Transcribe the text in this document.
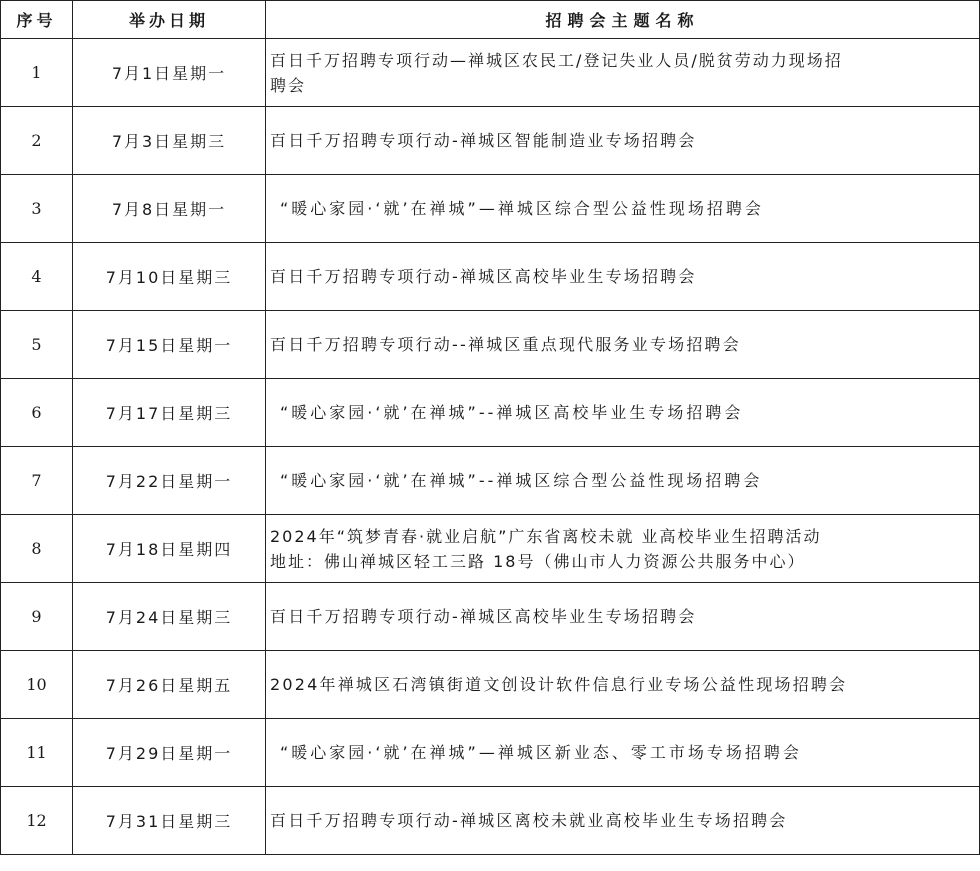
序号	举办日期	招聘会主题名称
1	7月1日星期一	百日千万招聘专项行动—禅城区农民工/登记失业人员/脱贫劳动力现场招
聘会

2	7月3日星期三	百日千万招聘专项行动-禅城区智能制造业专场招聘会

3	7月8日星期一	“暖心家园·‘就’在禅城”—禅城区综合型公益性现场招聘会

4	7月10日星期三	百日千万招聘专项行动-禅城区高校毕业生专场招聘会

5	7月15日星期一	百日千万招聘专项行动--禅城区重点现代服务业专场招聘会

6	7月17日星期三	“暖心家园·‘就’在禅城”--禅城区高校毕业生专场招聘会

7	7月22日星期一	“暖心家园·‘就’在禅城”--禅城区综合型公益性现场招聘会

8	7月18日星期四	2024年“筑梦青春·就业启航”广东省离校未就 业高校毕业生招聘活动
地址：佛山禅城区轻工三路 18号（佛山市人力资源公共服务中心）

9	7月24日星期三	百日千万招聘专项行动-禅城区高校毕业生专场招聘会

10	7月26日星期五	2024年禅城区石湾镇街道文创设计软件信息行业专场公益性现场招聘会

11	7月29日星期一	“暖心家园·‘就’在禅城”—禅城区新业态、零工市场专场招聘会

12	7月31日星期三	百日千万招聘专项行动-禅城区离校未就业高校毕业生专场招聘会
